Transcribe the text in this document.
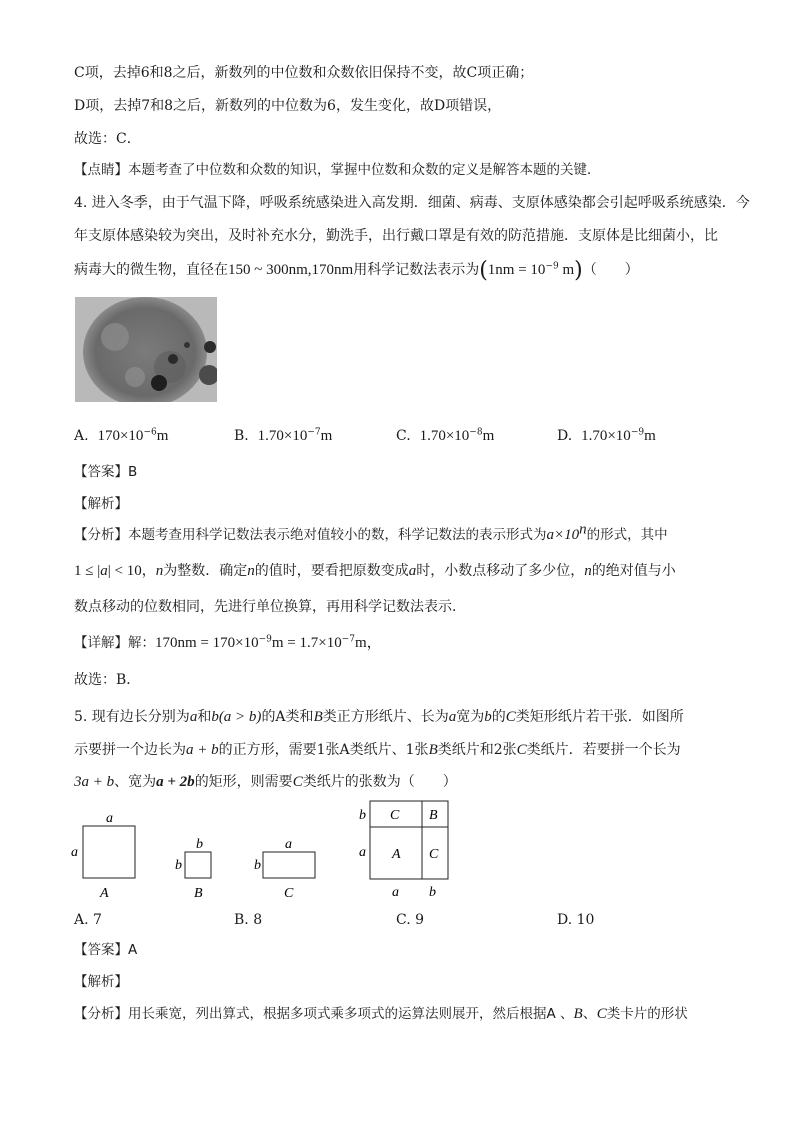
C项，去掉6和8之后，新数列的中位数和众数依旧保持不变，故C项正确；
D项，去掉7和8之后，新数列的中位数为6，发生变化，故D项错误，
故选：C．
【点睛】本题考查了中位数和众数的知识，掌握中位数和众数的定义是解答本题的关键．
4. 进入冬季，由于气温下降，呼吸系统感染进入高发期．细菌、病毒、支原体感染都会引起呼吸系统感染．今
年支原体感染较为突出，及时补充水分，勤洗手，出行戴口罩是有效的防范措施．支原体是比细菌小，比
病毒大的微生物，直径在150 ~ 300nm,170nm用科学记数法表示为($1nm = 10^{-9}$ m)（　　）
A. $170\times 10^{-6}m$	B. $1.70\times 10^{-7}m$	C. $1.70\times 10^{-8}m$	D. $1.70\times 10^{-9}m$
【答案】B
【解析】
【分析】本题考查用科学记数法表示绝对值较小的数，科学记数法的表示形式为$a\times 10^n$的形式，其中
1 ≤ |a| < 10，n为整数．确定n的值时，要看把原数变成a时，小数点移动了多少位，n的绝对值与小
数点移动的位数相同，先进行单位换算，再用科学记数法表示．
【详解】解：$170nm = 170\times 10^{-9}m = 1.7\times 10^{-7}m$，
故选：B．
5. 现有边长分别为a和b(a > b)的A类和B类正方形纸片、长为a宽为b的C类矩形纸片若干张．如图所
示要拼一个边长为a + b的正方形，需要1张A类纸片、1张B类纸片和2张C类纸片．若要拼一个长为
3a + b、宽为a + 2b的矩形，则需要C类纸片的张数为（　　）
a
a
A
b
b
B
a
b
C
b
a
a b
C B
A C
A. 7	B. 8	C. 9	D. 10
【答案】A
【解析】
【分析】用长乘宽，列出算式，根据多项式乘多项式的运算法则展开，然后根据A 、B、C类卡片的形状
